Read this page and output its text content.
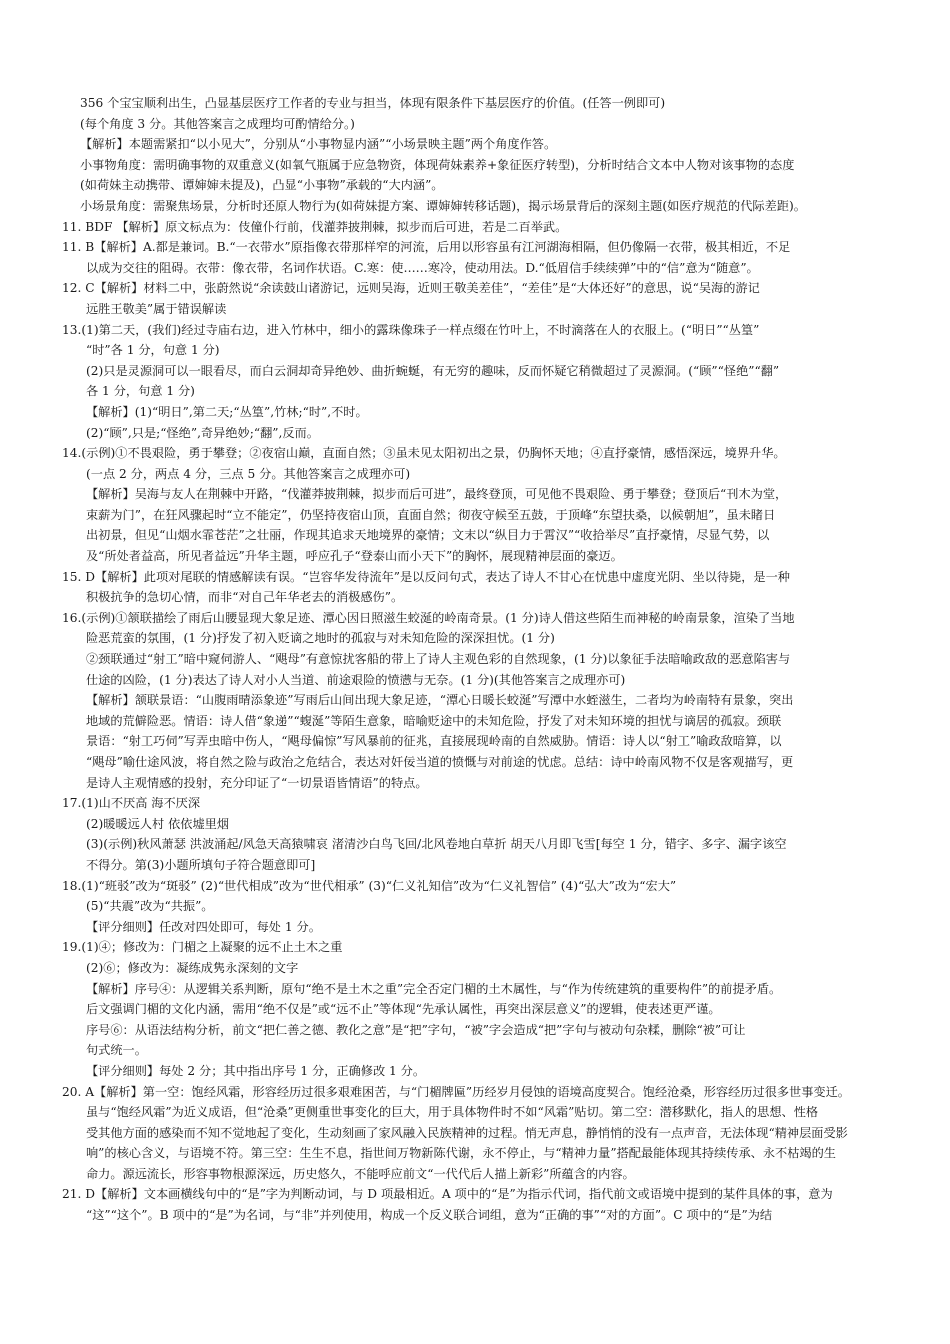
356 个宝宝顺利出生，凸显基层医疗工作者的专业与担当，体现有限条件下基层医疗的价值。(任答一例即可)
(每个角度 3 分。其他答案言之成理均可酌情给分。)
【解析】本题需紧扣“以小见大”，分别从“小事物显内涵”“小场景映主题”两个角度作答。
小事物角度：需明确事物的双重意义(如氧气瓶属于应急物资，体现荷妹素养+象征医疗转型)，分析时结合文本中人物对该事物的态度
(如荷妹主动携带、谭婶婶未提及)，凸显“小事物”承载的“大内涵”。
小场景角度：需聚焦场景，分析时还原人物行为(如荷妹提方案、谭婶婶转移话题)，揭示场景背后的深刻主题(如医疗规范的代际差距)。
11. BDF 【解析】原文标点为：伎僮仆行前，伐灌莽披荆棘，拟步而后可进，若是二百举武。
11. B【解析】A.都是兼词。B.“一衣带水”原指像衣带那样窄的河流，后用以形容虽有江河湖海相隔，但仍像隔一衣带，极其相近，不足
以成为交往的阻碍。衣带：像衣带，名词作状语。C.寒：使……寒冷，使动用法。D.“低眉信手续续弹”中的“信”意为“随意”。
12. C【解析】材料二中，张蔚然说“余读鼓山诸游记，远则吴海，近则王敬美差佳”，“差佳”是“大体还好”的意思，说“吴海的游记
远胜王敬美”属于错误解读
13.(1)第二天，(我们)经过寺庙右边，进入竹林中，细小的露珠像珠子一样点缀在竹叶上，不时滴落在人的衣服上。(“明日”“丛篁”
“时”各 1 分，句意 1 分)
(2)只是灵源洞可以一眼看尽，而白云洞却奇异绝妙、曲折蜿蜒，有无穷的趣味，反而怀疑它稍微超过了灵源洞。(“顾”“怪绝”“翻”
各 1 分，句意 1 分)
【解析】(1)“明日”,第二天;“丛篁”,竹林;“时”,不时。
(2)“顾”,只是;“怪绝”,奇异绝妙;“翻”,反而。
14.(示例)①不畏艰险，勇于攀登；②夜宿山巅，直面自然；③虽未见太阳初出之景，仍胸怀天地；④直抒豪情，感悟深远，境界升华。
(一点 2 分，两点 4 分，三点 5 分。其他答案言之成理亦可)
【解析】吴海与友人在荆棘中开路，“伐灌莽披荆棘，拟步而后可进”，最终登顶，可见他不畏艰险、勇于攀登；登顶后“刊木为堂，
束薪为门”，在狂风骤起时“立不能定”，仍坚持夜宿山顶，直面自然；彻夜守候至五鼓，于顶峰“东望扶桑，以候朝旭”，虽未睹日
出初景，但见“山烟水霏苍茫”之壮丽，作现其追求天地境界的豪情；文末以“纵目力于霄汉”“收拾举尽”直抒豪情，尽显气势，以
及“所处者益高，所见者益远”升华主题，呼应孔子“登泰山而小天下”的胸怀，展现精神层面的豪迈。
15. D【解析】此项对尾联的情感解读有误。“岂容华发待流年”是以反问句式，表达了诗人不甘心在忧患中虚度光阴、坐以待毙，是一种
积极抗争的急切心情，而非“对自己年华老去的消极感伤”。
16.(示例)①颔联描绘了雨后山腰显现大象足迹、潭心因日照滋生蛟涎的岭南奇景。(1 分)诗人借这些陌生而神秘的岭南景象，渲染了当地
险恶荒蛮的氛围，(1 分)抒发了初入贬谪之地时的孤寂与对未知危险的深深担忧。(1 分)
②颈联通过“射工”暗中窥伺游人、“飓母”有意惊扰客船的带上了诗人主观色彩的自然现象，(1 分)以象征手法暗喻政敌的恶意陷害与
仕途的凶险，(1 分)表达了诗人对小人当道、前途艰险的愤懑与无奈。(1 分)(其他答案言之成理亦可)
【解析】颔联景语：“山腹雨晴添象迹”写雨后山间出现大象足迹，“潭心日暖长蛟涎”写潭中水蛭滋生，二者均为岭南特有景象，突出
地域的荒僻险恶。情语：诗人借“象递”“蝮涎”等陌生意象，暗喻贬途中的未知危险，抒发了对未知环境的担忧与谪居的孤寂。颈联
景语：“射工巧伺”写弄虫暗中伤人，“飓母偏惊”写风暴前的征兆，直接展现岭南的自然威胁。情语：诗人以“射工”喻政敌暗算，以
“飓母”喻仕途风波，将自然之险与政治之危结合，表达对奸佞当道的愤慨与对前途的忧虑。总结：诗中岭南风物不仅是客观描写，更
是诗人主观情感的投射，充分印证了“一切景语皆情语”的特点。
17.(1)山不厌高 海不厌深
(2)暖暖远人村 依依墟里烟
(3)(示例)秋风萧瑟 洪波涌起/风急天高猿啸哀 渚清沙白鸟飞回/北风卷地白草折 胡天八月即飞雪[每空 1 分，错字、多字、漏字该空
不得分。第(3)小题所填句子符合题意即可]
18.(1)“班驳”改为“斑驳” (2)“世代相成”改为“世代相承” (3)“仁义礼知信”改为“仁义礼智信” (4)“弘大”改为“宏大”
(5)“共震”改为“共振”。
【评分细则】任改对四处即可，每处 1 分。
19.(1)④；修改为：门楣之上凝聚的远不止土木之重
(2)⑥；修改为：凝练成隽永深刻的文字
【解析】序号④：从逻辑关系判断，原句“绝不是土木之重”完全否定门楣的土木属性，与“作为传统建筑的重要构件”的前提矛盾。
后文强调门楣的文化内涵，需用“绝不仅是”或“远不止”等体现“先承认属性，再突出深层意义”的逻辑，使表述更严谨。
序号⑥：从语法结构分析，前文“把仁善之德、教化之意”是“把”字句，“被”字会造成“把”字句与被动句杂糅，删除“被”可让
句式统一。
【评分细则】每处 2 分；其中指出序号 1 分，正确修改 1 分。
20. A【解析】第一空：饱经风霜，形容经历过很多艰难困苦，与“门楣牌匾”历经岁月侵蚀的语境高度契合。饱经沧桑，形容经历过很多世事变迁。
虽与“饱经风霜”为近义成语，但“沧桑”更侧重世事变化的巨大，用于具体物件时不如“风霜”贴切。第二空：潜移默化，指人的思想、性格
受其他方面的感染而不知不觉地起了变化，生动刻画了家风融入民族精神的过程。悄无声息，静悄悄的没有一点声音，无法体现“精神层面受影
响”的核心含义，与语境不符。第三空：生生不息，指世间万物新陈代谢，永不停止，与“精神力量”搭配最能体现其持续传承、永不枯竭的生
命力。源远流长，形容事物根源深远，历史悠久，不能呼应前文“一代代后人描上新彩”所蕴含的内容。
21. D【解析】文本画横线句中的“是”字为判断动词，与 D 项最相近。A 项中的“是”为指示代词，指代前文或语境中提到的某件具体的事，意为
“这”“这个”。B 项中的“是”为名词，与“非”并列使用，构成一个反义联合词组，意为“正确的事”“对的方面”。C 项中的“是”为结
